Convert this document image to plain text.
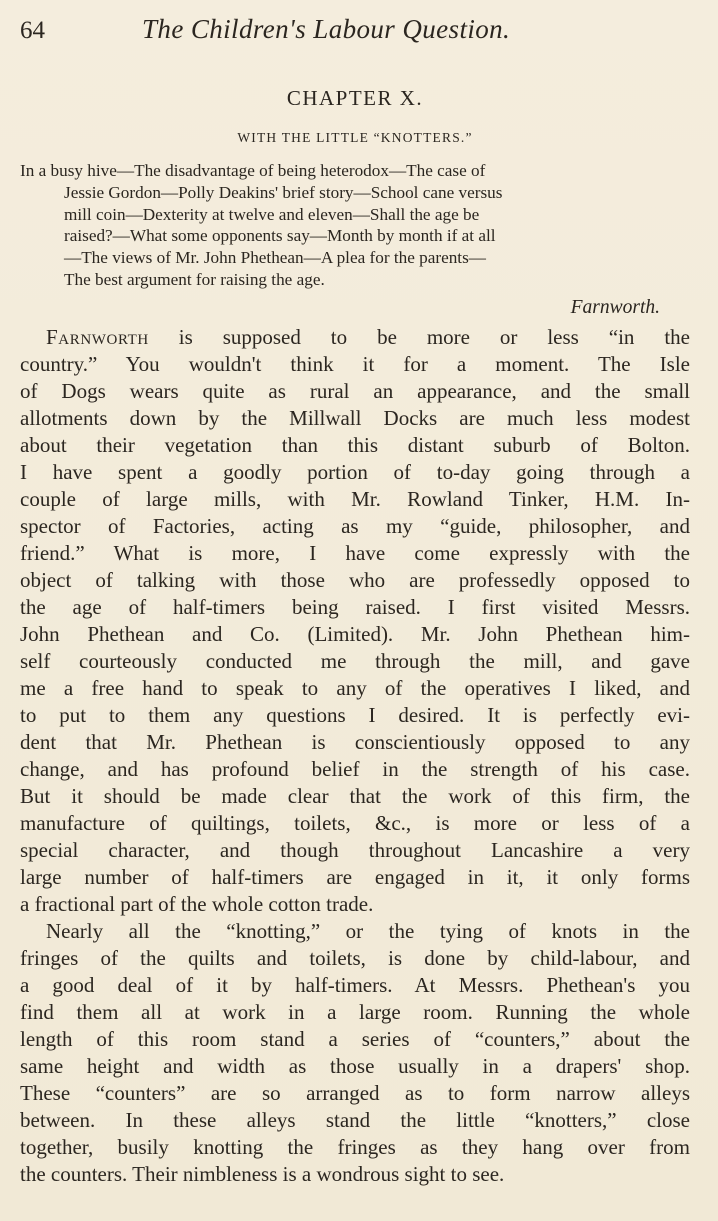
64	The Children's Labour Question.
CHAPTER X.
WITH THE LITTLE “KNOTTERS.”
In a busy hive—The disadvantage of being heterodox—The case of
Jessie Gordon—Polly Deakins' brief story—School cane versus
mill coin—Dexterity at twelve and eleven—Shall the age be
raised?—What some opponents say—Month by month if at all
—The views of Mr. John Phethean—A plea for the parents—
The best argument for raising the age.
Farnworth.
Farnworth is supposed to be more or less “in the
country.” You wouldn't think it for a moment. The Isle
of Dogs wears quite as rural an appearance, and the small
allotments down by the Millwall Docks are much less modest
about their vegetation than this distant suburb of Bolton.
I have spent a goodly portion of to-day going through a
couple of large mills, with Mr. Rowland Tinker, H.M. In-
spector of Factories, acting as my “guide, philosopher, and
friend.” What is more, I have come expressly with the
object of talking with those who are professedly opposed to
the age of half-timers being raised. I first visited Messrs.
John Phethean and Co. (Limited). Mr. John Phethean him-
self courteously conducted me through the mill, and gave
me a free hand to speak to any of the operatives I liked, and
to put to them any questions I desired. It is perfectly evi-
dent that Mr. Phethean is conscientiously opposed to any
change, and has profound belief in the strength of his case.
But it should be made clear that the work of this firm, the
manufacture of quiltings, toilets, &c., is more or less of a
special character, and though throughout Lancashire a very
large number of half-timers are engaged in it, it only forms
a fractional part of the whole cotton trade.
Nearly all the “knotting,” or the tying of knots in the
fringes of the quilts and toilets, is done by child-labour, and
a good deal of it by half-timers. At Messrs. Phethean's you
find them all at work in a large room. Running the whole
length of this room stand a series of “counters,” about the
same height and width as those usually in a drapers' shop.
These “counters” are so arranged as to form narrow alleys
between. In these alleys stand the little “knotters,” close
together, busily knotting the fringes as they hang over from
the counters. Their nimbleness is a wondrous sight to see.
